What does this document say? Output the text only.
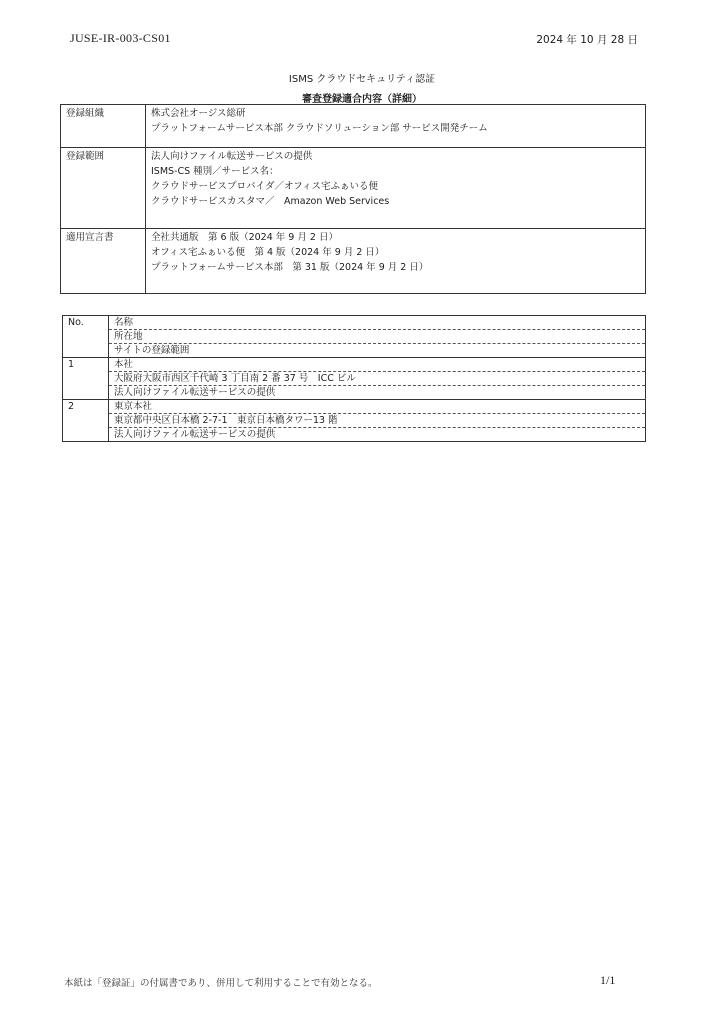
JUSE-IR-003-CS01	2024 年 10 月 28 日
ISMS クラウドセキュリティ認証
審査登録適合内容（詳細）
登録組織	株式会社オージス総研
プラットフォームサービス本部 クラウドソリューション部 サービス開発チーム

登録範囲	法人向けファイル転送サービスの提供
ISMS-CS 種別／サービス名：
クラウドサービスプロバイダ／オフィス宅ふぁいる便
クラウドサービスカスタマ／　Amazon Web Services

適用宣言書	全社共通版　第 6 版（2024 年 9 月 2 日）
オフィス宅ふぁいる便　第 4 版（2024 年 9 月 2 日）
プラットフォームサービス本部　第 31 版（2024 年 9 月 2 日）
No.	名称
	所在地
	サイトの登録範囲
1	本社
	大阪府大阪市西区千代崎 3 丁目南 2 番 37 号　ICC ビル
	法人向けファイル転送サービスの提供
2	東京本社
	東京都中央区日本橋 2-7-1　東京日本橋タワー13 階
	法人向けファイル転送サービスの提供
本紙は「登録証」の付属書であり、併用して利用することで有効となる。	1/1
